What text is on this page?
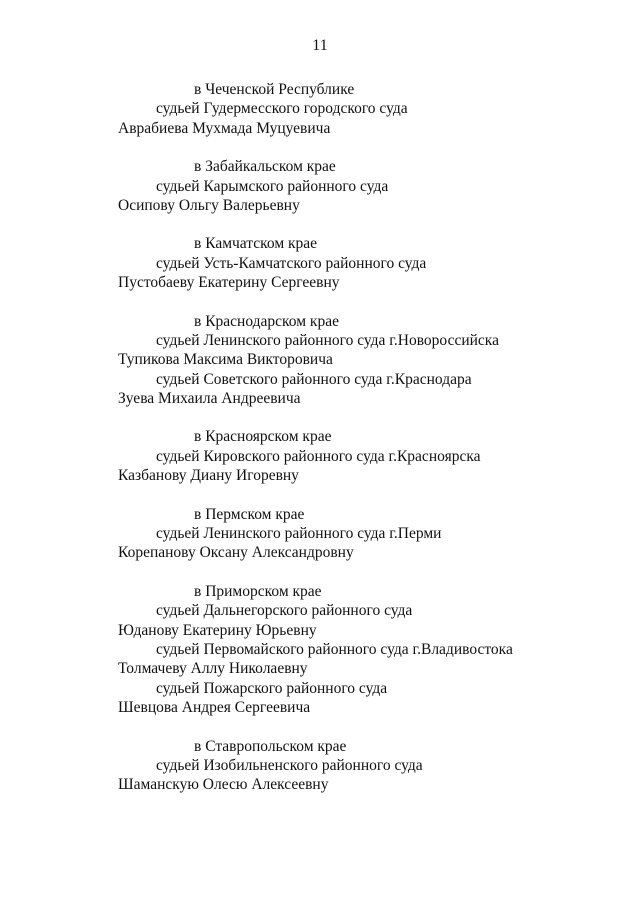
11
в Чеченской Республике
судьей Гудермесского городского суда
Аврабиева Мухмада Муцуевича
в Забайкальском крае
судьей Карымского районного суда
Осипову Ольгу Валерьевну
в Камчатском крае
судьей Усть-Камчатского районного суда
Пустобаеву Екатерину Сергеевну
в Краснодарском крае
судьей Ленинского районного суда г.Новороссийска
Тупикова Максима Викторовича
судьей Советского районного суда г.Краснодара
Зуева Михаила Андреевича
в Красноярском крае
судьей Кировского районного суда г.Красноярска
Казбанову Диану Игоревну
в Пермском крае
судьей Ленинского районного суда г.Перми
Корепанову Оксану Александровну
в Приморском крае
судьей Дальнегорского районного суда
Юданову Екатерину Юрьевну
судьей Первомайского районного суда г.Владивостока
Толмачеву Аллу Николаевну
судьей Пожарского районного суда
Шевцова Андрея Сергеевича
в Ставропольском крае
судьей Изобильненского районного суда
Шаманскую Олесю Алексеевну
